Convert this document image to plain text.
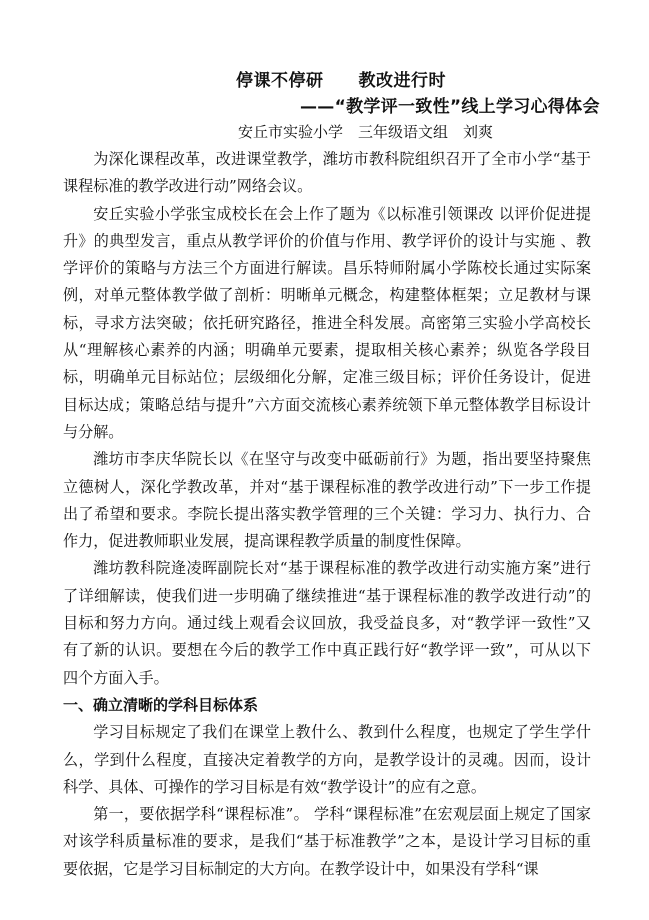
停课不停研　　教改进行时
——“教学评一致性”线上学习心得体会
安丘市实验小学　三年级语文组　刘爽

为深化课程改革，改进课堂教学，潍坊市教科院组织召开了全市小学“基于课程标准的教学改进行动”网络会议。

安丘实验小学张宝成校长在会上作了题为《以标准引领课改 以评价促进提升》的典型发言，重点从教学评价的价值与作用、教学评价的设计与实施 、教学评价的策略与方法三个方面进行解读。昌乐特师附属小学陈校长通过实际案例，对单元整体教学做了剖析：明晰单元概念，构建整体框架；立足教材与课标，寻求方法突破；依托研究路径，推进全科发展。高密第三实验小学高校长从“理解核心素养的内涵；明确单元要素，提取相关核心素养；纵览各学段目标，明确单元目标站位；层级细化分解，定准三级目标；评价任务设计，促进目标达成；策略总结与提升”六方面交流核心素养统领下单元整体教学目标设计与分解。

潍坊市李庆华院长以《在坚守与改变中砥砺前行》为题，指出要坚持聚焦立德树人，深化学教改革，并对“基于课程标准的教学改进行动”下一步工作提出了希望和要求。李院长提出落实教学管理的三个关键：学习力、执行力、合作力，促进教师职业发展，提高课程教学质量的制度性保障。

潍坊教科院逄凌晖副院长对“基于课程标准的教学改进行动实施方案”进行了详细解读，使我们进一步明确了继续推进“基于课程标准的教学改进行动”的目标和努力方向。通过线上观看会议回放，我受益良多，对“教学评一致性”又有了新的认识。要想在今后的教学工作中真正践行好“教学评一致”，可从以下四个方面入手。

一、确立清晰的学科目标体系

学习目标规定了我们在课堂上教什么、教到什么程度，也规定了学生学什么，学到什么程度，直接决定着教学的方向，是教学设计的灵魂。因而，设计科学、具体、可操作的学习目标是有效“教学设计”的应有之意。

第一，要依据学科“课程标准”。 学科“课程标准”在宏观层面上规定了国家对该学科质量标准的要求，是我们“基于标准教学”之本，是设计学习目标的重要依据，它是学习目标制定的大方向。在教学设计中，如果没有学科“课
